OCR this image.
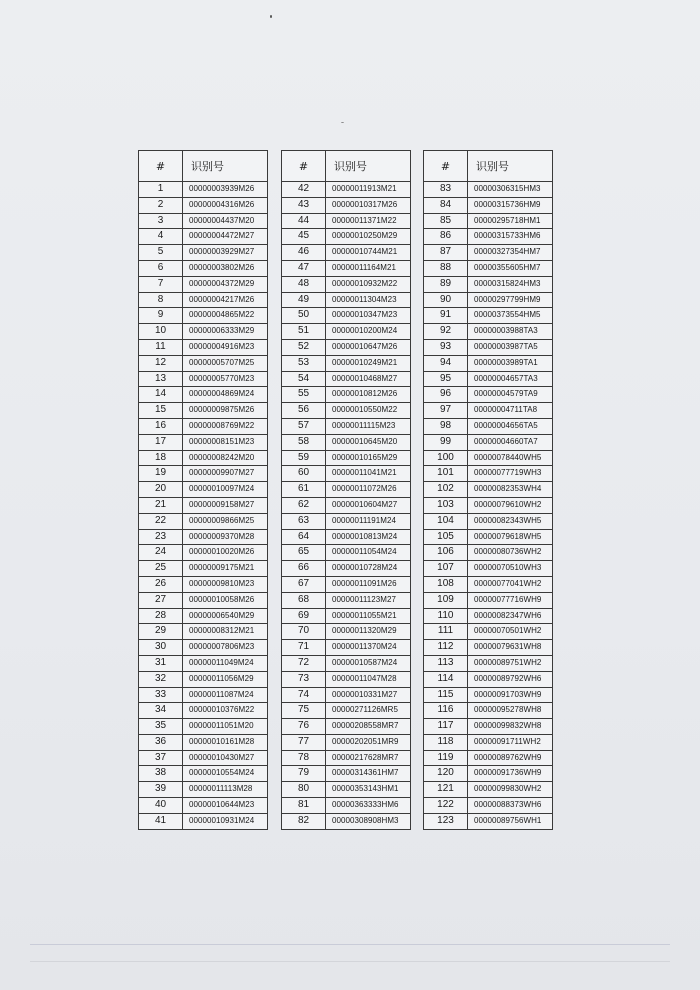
#	识别号
1	00000003939M26
2	00000004316M26
3	00000004437M20
4	00000004472M27
5	00000003929M27
6	00000003802M26
7	00000004372M29
8	00000004217M26
9	00000004865M22
10	00000006333M29
11	00000004916M23
12	00000005707M25
13	00000005770M23
14	00000004869M24
15	00000009875M26
16	00000008769M22
17	00000008151M23
18	00000008242M20
19	00000009907M27
20	00000010097M24
21	00000009158M27
22	00000009866M25
23	00000009370M28
24	00000010020M26
25	00000009175M21
26	00000009810M23
27	00000010058M26
28	00000006540M29
29	00000008312M21
30	00000007806M23
31	00000011049M24
32	00000011056M29
33	00000011087M24
34	00000010376M22
35	00000011051M20
36	00000010161M28
37	00000010430M27
38	00000010554M24
39	00000011113M28
40	00000010644M23
41	00000010931M24
#	识别号
42	00000011913M21
43	00000010317M26
44	00000011371M22
45	00000010250M29
46	00000010744M21
47	00000011164M21
48	00000010932M22
49	00000011304M23
50	00000010347M23
51	00000010200M24
52	00000010647M26
53	00000010249M21
54	00000010468M27
55	00000010812M26
56	00000010550M22
57	00000011115M23
58	00000010645M20
59	00000010165M29
60	00000011041M21
61	00000011072M26
62	00000010604M27
63	00000011191M24
64	00000010813M24
65	00000011054M24
66	00000010728M24
67	00000011091M26
68	00000011123M27
69	00000011055M21
70	00000011320M29
71	00000011370M24
72	00000010587M24
73	00000011047M28
74	00000010331M27
75	00000271126MR5
76	00000208558MR7
77	00000202051MR9
78	00000217628MR7
79	00000314361HM7
80	00000353143HM1
81	00000363333HM6
82	00000308908HM3
#	识别号
83	00000306315HM3
84	00000315736HM9
85	00000295718HM1
86	00000315733HM6
87	00000327354HM7
88	00000355605HM7
89	00000315824HM3
90	00000297799HM9
91	00000373554HM5
92	00000003988TA3
93	00000003987TA5
94	00000003989TA1
95	00000004657TA3
96	00000004579TA9
97	00000004711TA8
98	00000004656TA5
99	00000004660TA7
100	00000078440WH5
101	00000077719WH3
102	00000082353WH4
103	00000079610WH2
104	00000082343WH5
105	00000079618WH5
106	00000080736WH2
107	00000070510WH3
108	00000077041WH2
109	00000077716WH9
110	00000082347WH6
111	00000070501WH2
112	00000079631WH8
113	00000089751WH2
114	00000089792WH6
115	00000091703WH9
116	00000095278WH8
117	00000099832WH8
118	00000091711WH2
119	00000089762WH9
120	00000091736WH9
121	00000099830WH2
122	00000088373WH6
123	00000089756WH1
